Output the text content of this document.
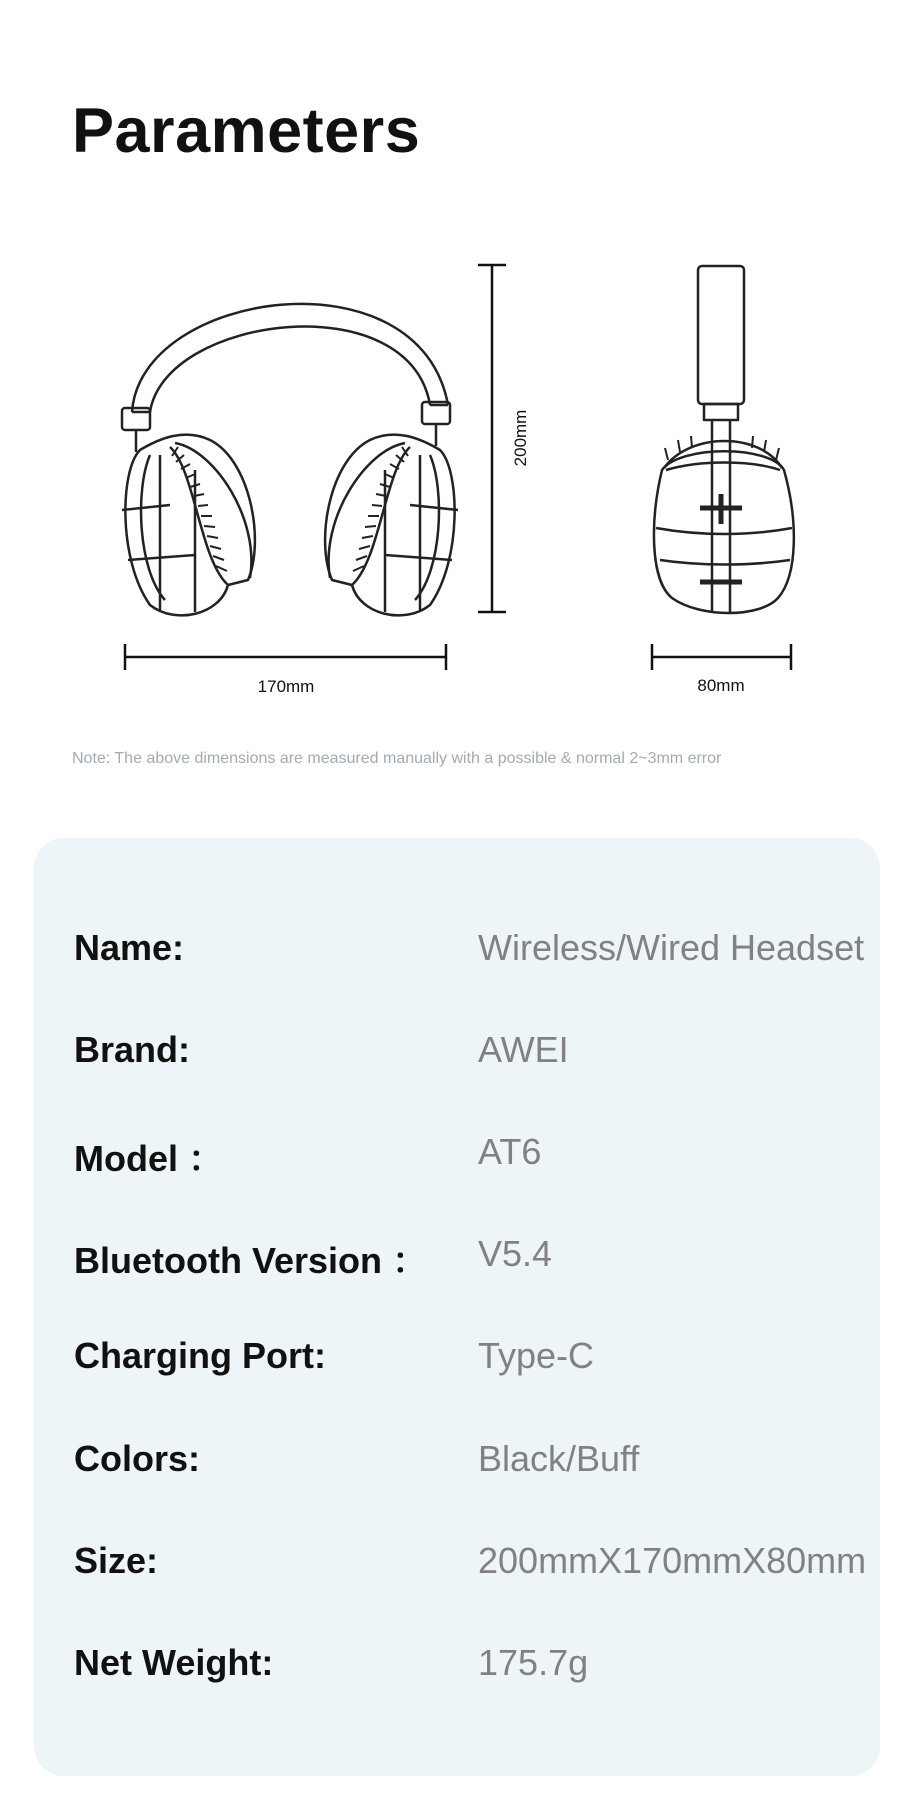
Parameters
200mm
170mm	80mm
Note: The above dimensions are measured manually with a possible & normal 2~3mm error
Name:	Wireless/Wired Headset
Brand:	AWEI
Model ：	AT6
Bluetooth Version ： V5.4
Charging Port:	Type-C
Colors:	Black/Buff
Size:	200mmX170mmX80mm
Net Weight:	175.7g
